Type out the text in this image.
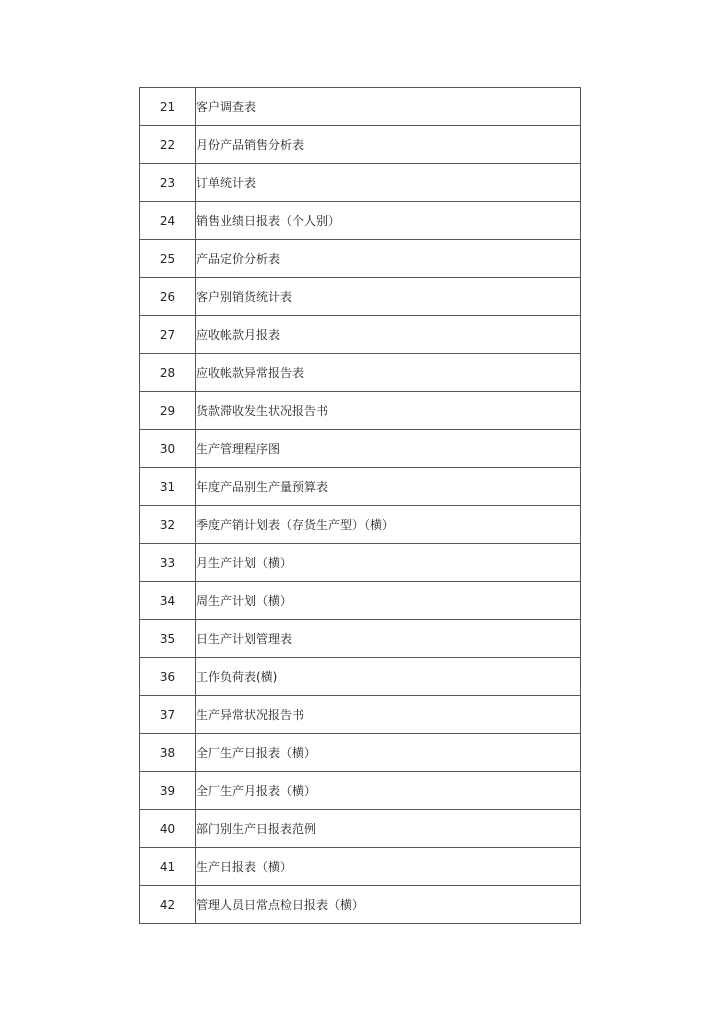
21	客户调查表
22	月份产品销售分析表
23	订单统计表
24	销售业绩日报表（个人别）
25	产品定价分析表
26	客户别销货统计表
27	应收帐款月报表
28	应收帐款异常报告表
29	货款滞收发生状况报告书
30	生产管理程序图
31	年度产品别生产量预算表
32	季度产销计划表（存货生产型）（横）
33	月生产计划（横）
34	周生产计划（横）
35	日生产计划管理表
36	工作负荷表(横)
37	生产异常状况报告书
38	全厂生产日报表（横）
39	全厂生产月报表（横）
40	部门别生产日报表范例
41	生产日报表（横）
42	管理人员日常点检日报表（横）
